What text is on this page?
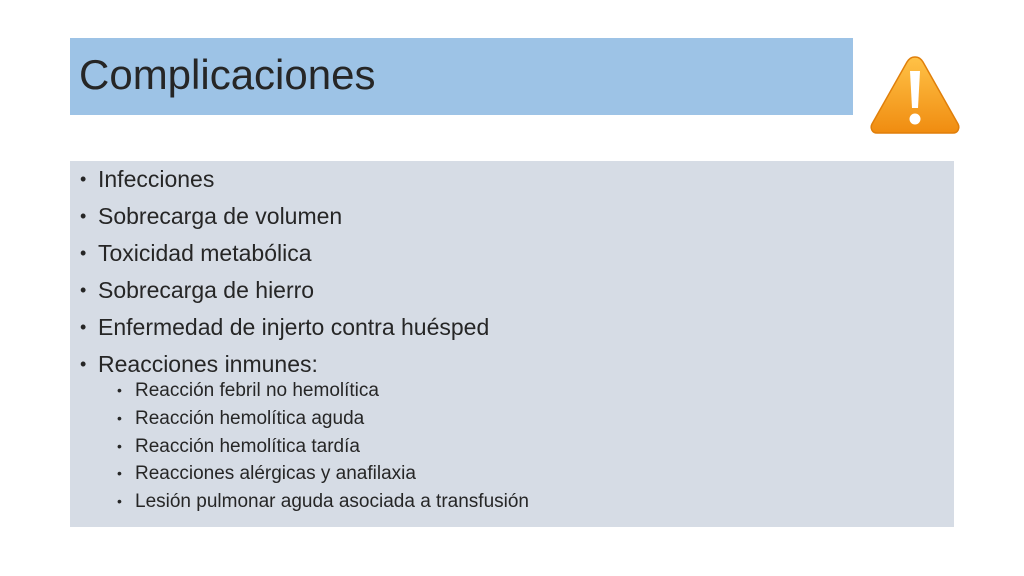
Complicaciones
• Infecciones
• Sobrecarga de volumen
• Toxicidad metabólica
• Sobrecarga de hierro
• Enfermedad de injerto contra huésped
• Reacciones inmunes:
• Reacción febril no hemolítica
• Reacción hemolítica aguda
• Reacción hemolítica tardía
• Reacciones alérgicas y anafilaxia
• Lesión pulmonar aguda asociada a transfusión
